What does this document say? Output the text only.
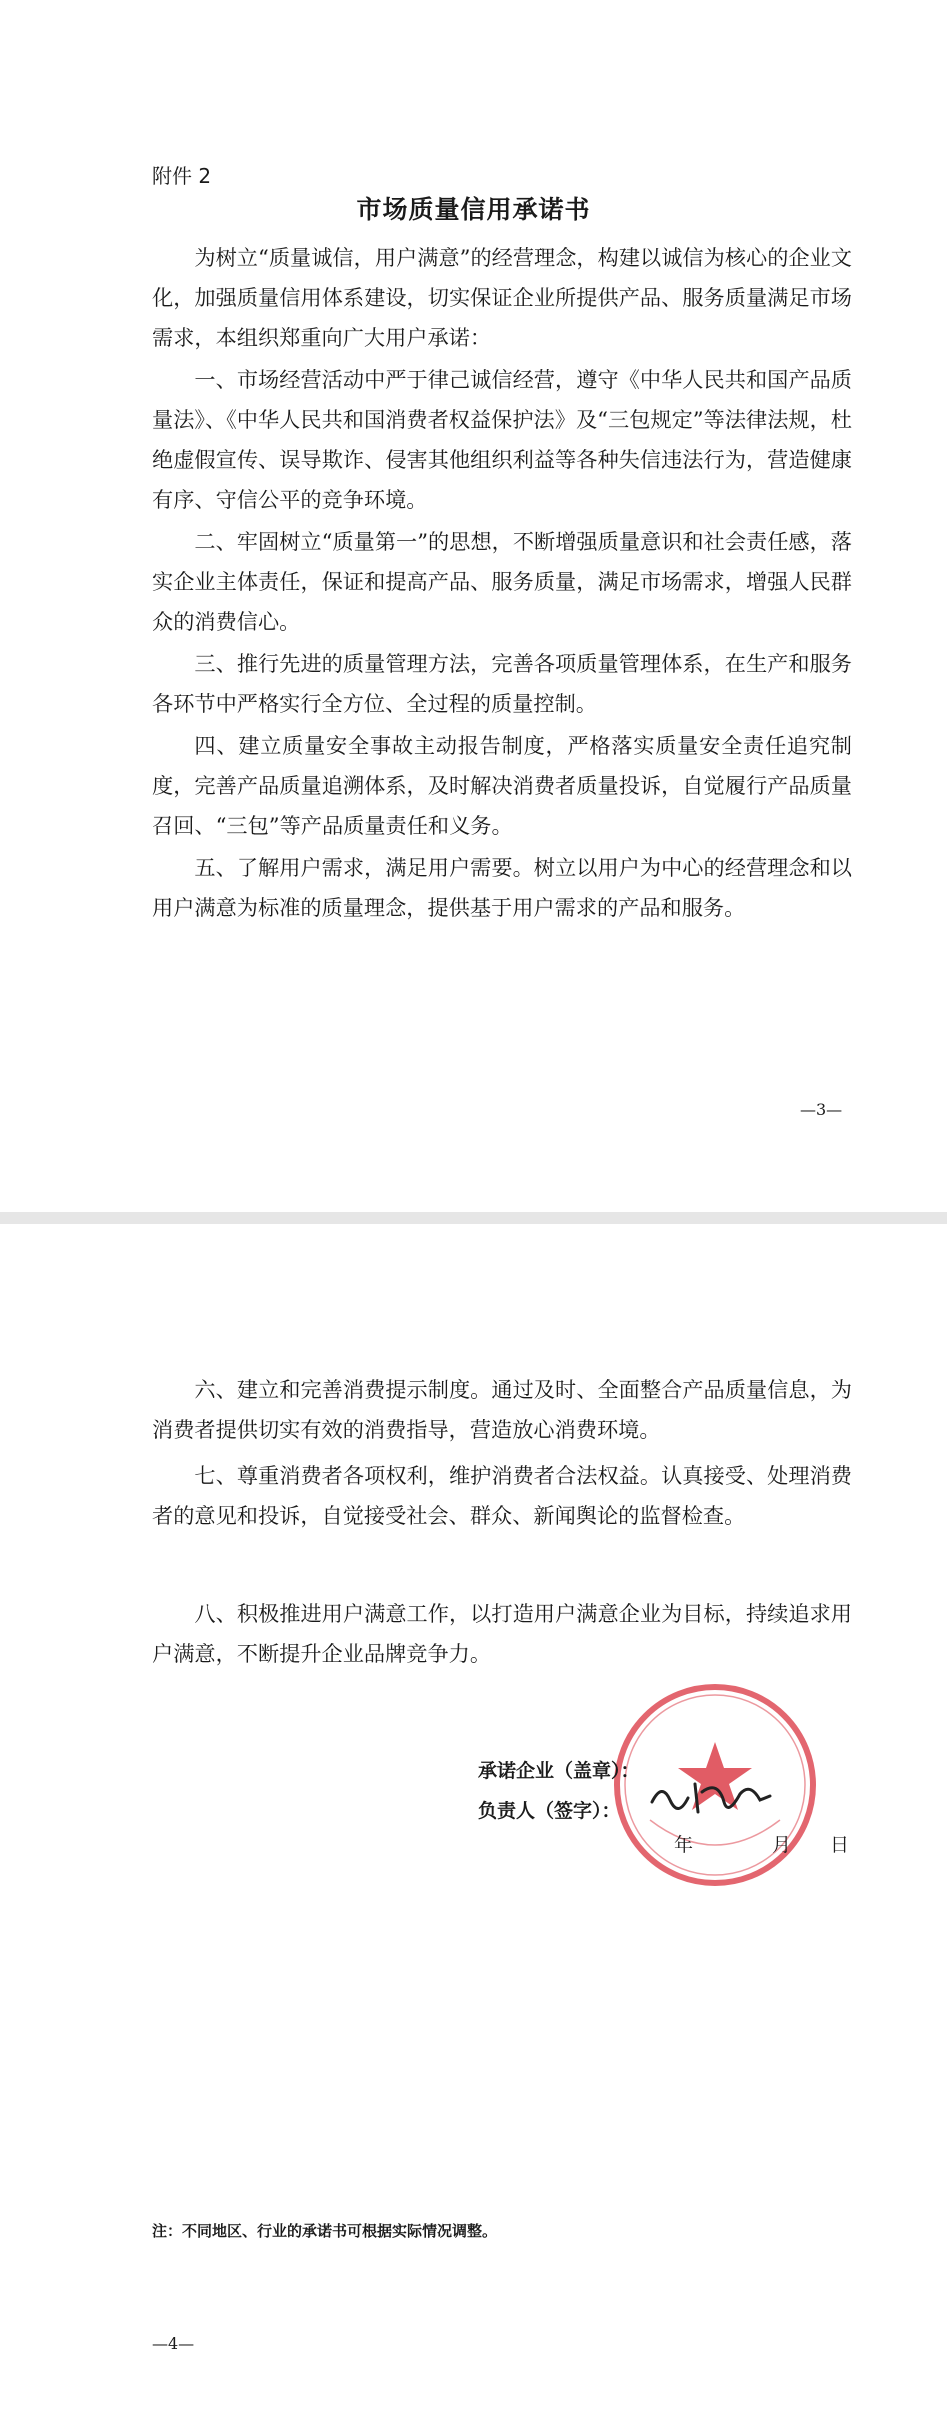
附件 2
市场质量信用承诺书
为树立“质量诚信，用户满意”的经营理念，构建以诚信为核心的企业文化，加强质量信用体系建设，切实保证企业所提供产品、服务质量满足市场需求，本组织郑重向广大用户承诺：
一、市场经营活动中严于律己诚信经营，遵守《中华人民共和国产品质量法》、《中华人民共和国消费者权益保护法》及“三包规定”等法律法规，杜绝虚假宣传、误导欺诈、侵害其他组织利益等各种失信违法行为，营造健康有序、守信公平的竞争环境。
二、牢固树立“质量第一”的思想，不断增强质量意识和社会责任感，落实企业主体责任，保证和提高产品、服务质量，满足市场需求，增强人民群众的消费信心。
三、推行先进的质量管理方法，完善各项质量管理体系，在生产和服务各环节中严格实行全方位、全过程的质量控制。
四、建立质量安全事故主动报告制度，严格落实质量安全责任追究制度，完善产品质量追溯体系，及时解决消费者质量投诉，自觉履行产品质量召回、“三包”等产品质量责任和义务。
五、了解用户需求，满足用户需要。树立以用户为中心的经营理念和以用户满意为标准的质量理念，提供基于用户需求的产品和服务。
—3—
六、建立和完善消费提示制度。通过及时、全面整合产品质量信息，为消费者提供切实有效的消费指导，营造放心消费环境。
七、尊重消费者各项权利，维护消费者合法权益。认真接受、处理消费者的意见和投诉，自觉接受社会、群众、新闻舆论的监督检查。
八、积极推进用户满意工作，以打造用户满意企业为目标，持续追求用户满意，不断提升企业品牌竞争力。
承诺企业（盖章）：
负责人（签字）：
年	月 日
注：不同地区、行业的承诺书可根据实际情况调整。
—4—
